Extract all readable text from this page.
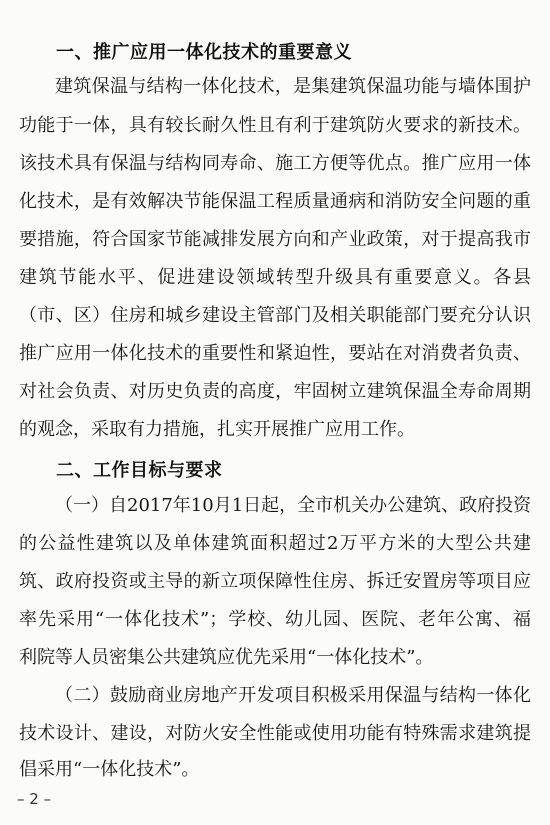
一、推广应用一体化技术的重要意义
建筑保温与结构一体化技术，是集建筑保温功能与墙体围护
功能于一体，具有较长耐久性且有利于建筑防火要求的新技术。
该技术具有保温与结构同寿命、施工方便等优点。推广应用一体
化技术，是有效解决节能保温工程质量通病和消防安全问题的重
要措施，符合国家节能减排发展方向和产业政策，对于提高我市
建筑节能水平、促进建设领域转型升级具有重要意义。各县
（市、区）住房和城乡建设主管部门及相关职能部门要充分认识
推广应用一体化技术的重要性和紧迫性，要站在对消费者负责、
对社会负责、对历史负责的高度，牢固树立建筑保温全寿命周期
的观念，采取有力措施，扎实开展推广应用工作。
二、工作目标与要求
（一）自2017年10月1日起，全市机关办公建筑、政府投资
的公益性建筑以及单体建筑面积超过2万平方米的大型公共建
筑、政府投资或主导的新立项保障性住房、拆迁安置房等项目应
率先采用“一体化技术”；学校、幼儿园、医院、老年公寓、福
利院等人员密集公共建筑应优先采用“一体化技术”。
（二）鼓励商业房地产开发项目积极采用保温与结构一体化
技术设计、建设，对防火安全性能或使用功能有特殊需求建筑提
倡采用“一体化技术”。
– 2 –
